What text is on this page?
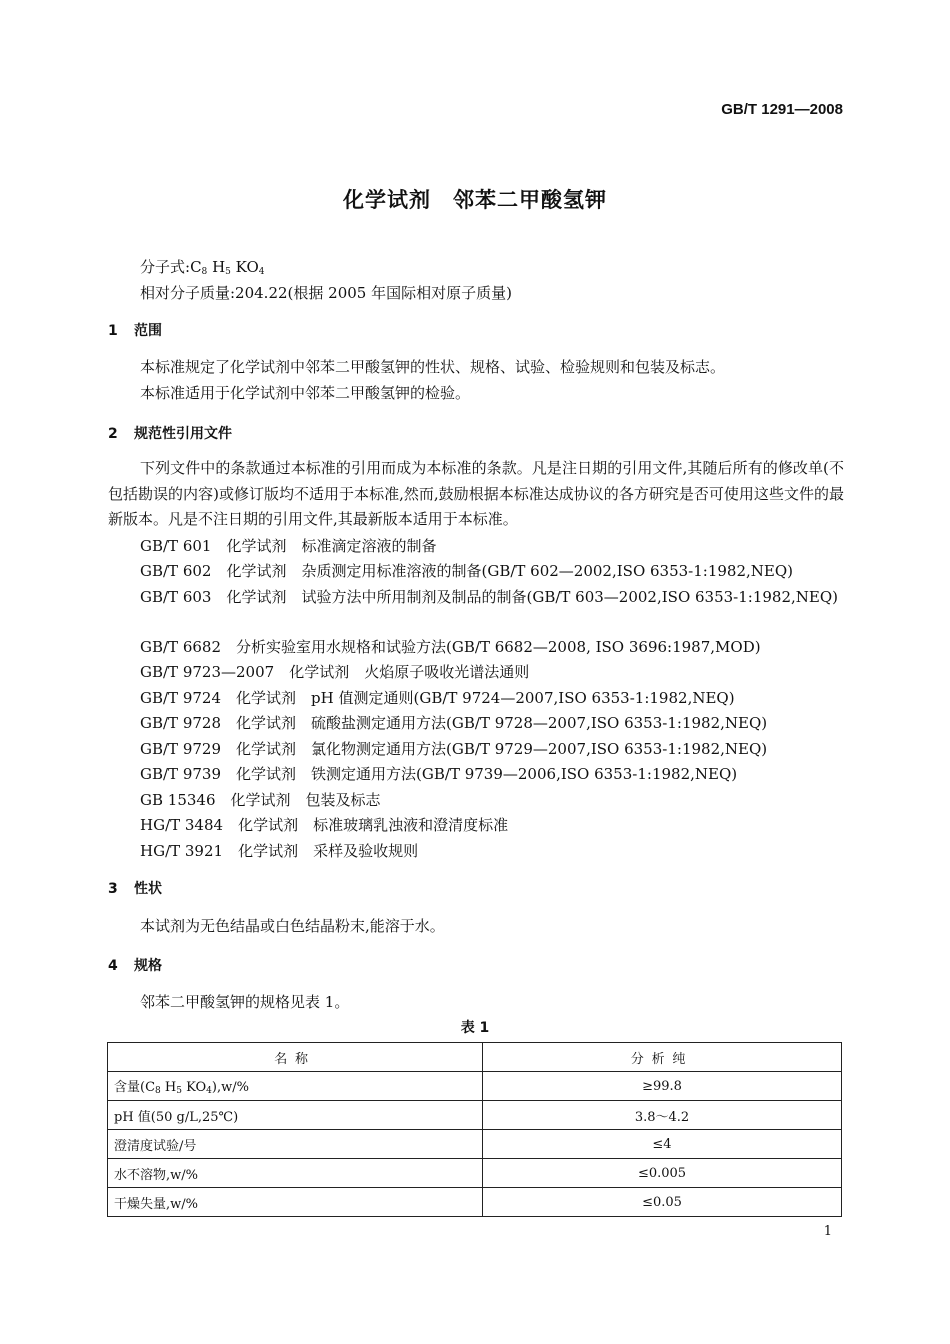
GB/T 1291—2008
化学试剂　邻苯二甲酸氢钾
分子式$:C_8$ $H_5$ $KO_4$
相对分子质量:204.22(根据 2005 年国际相对原子质量)
1 范围
本标准规定了化学试剂中邻苯二甲酸氢钾的性状、规格、试验、检验规则和包装及标志。
本标准适用于化学试剂中邻苯二甲酸氢钾的检验。
2 规范性引用文件
下列文件中的条款通过本标准的引用而成为本标准的条款。凡是注日期的引用文件,其随后所有的修改单(不包括勘误的内容)或修订版均不适用于本标准,然而,鼓励根据本标准达成协议的各方研究是否可使用这些文件的最新版本。凡是不注日期的引用文件,其最新版本适用于本标准。
GB/T 601　 化学试剂　标准滴定溶液的制备
GB/T 602　 化学试剂　杂质测定用标准溶液的制备(GB/T 602—2002,ISO 6353-1:1982,NEQ)
GB/T 603　 化学试剂　试验方法中所用制剂及制品的制备(GB/T 603—2002,ISO 6353-1:1982,NEQ)
GB/T 6682　 分析实验室用水规格和试验方法(GB/T 6682—2008, ISO 3696:1987,MOD)
GB/T 9723—2007　 化学试剂　火焰原子吸收光谱法通则
GB/T 9724　 化学试剂　pH 值测定通则(GB/T 9724—2007,ISO 6353-1:1982,NEQ)
GB/T 9728　 化学试剂　硫酸盐测定通用方法(GB/T 9728—2007,ISO 6353-1:1982,NEQ)
GB/T 9729　 化学试剂　氯化物测定通用方法(GB/T 9729—2007,ISO 6353-1:1982,NEQ)
GB/T 9739　 化学试剂　铁测定通用方法(GB/T 9739—2006,ISO 6353-1:1982,NEQ)
GB 15346　 化学试剂　包装及标志
HG/T 3484　 化学试剂　标准玻璃乳浊液和澄清度标准
HG/T 3921　 化学试剂　采样及验收规则
3 性状
本试剂为无色结晶或白色结晶粉末,能溶于水。
4 规格
邻苯二甲酸氢钾的规格见表 1。
表 1
名称	分析纯
含量($C_8$ $H_5$ $KO_4),w/\%$	≥99.8
pH 值(50 g/L,25℃)	3.8～4.2
澄清度试验/号	≤4
水不溶物,w/%	≤0.005
干燥失量,w/%	≤0.05
1
